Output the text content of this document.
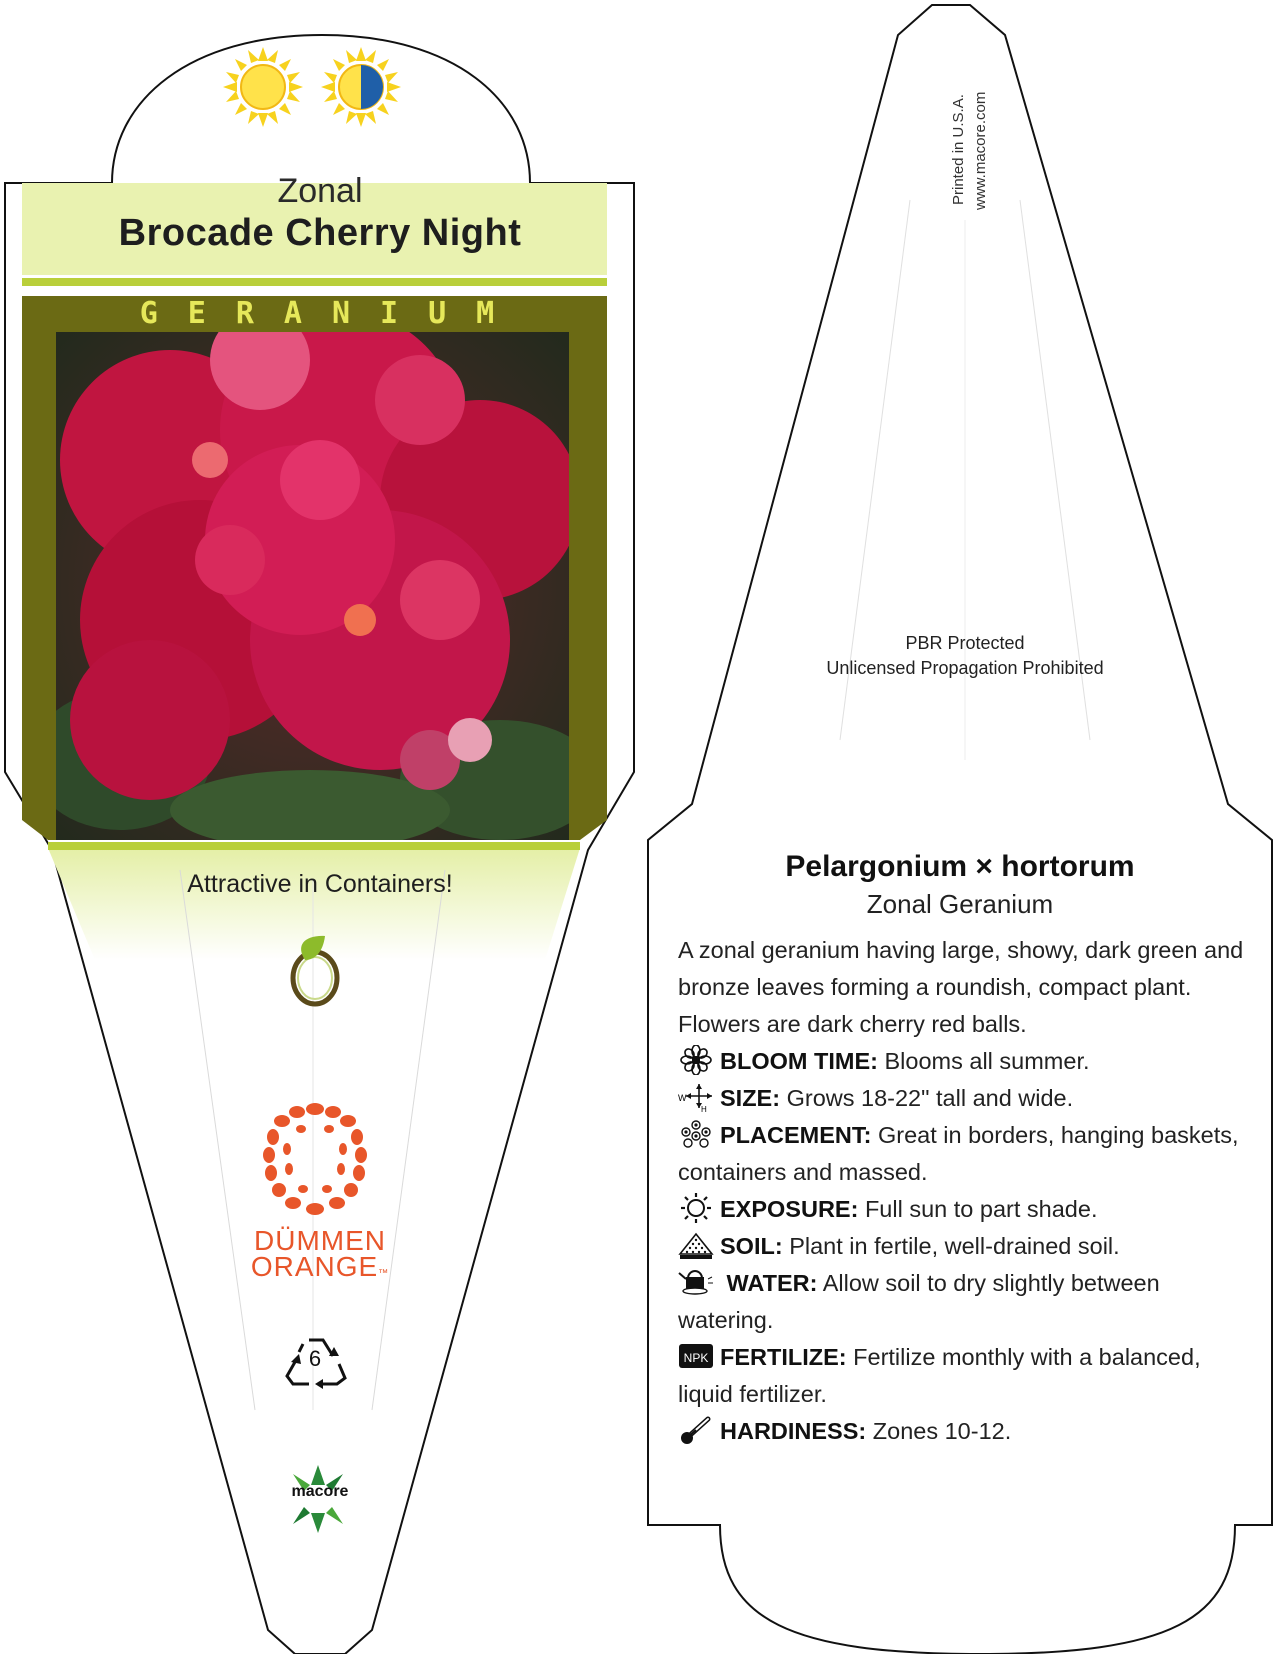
Zonal
Brocade Cherry Night
GERANIUM
Attractive in Containers!
DÜMMEN
ORANGE™
6
macore
Printed in U.S.A. www.macore.com
PBR Protected
Unlicensed Propagation Prohibited
Pelargonium × hortorum
Zonal Geranium
A zonal geranium having large, showy, dark green and bronze leaves forming a roundish, compact plant. Flowers are dark cherry red balls.
BLOOM TIME: Blooms all summer.
W
H SIZE: Grows 18-22" tall and wide.
PLACEMENT: Great in borders, hanging baskets, containers and massed.
EXPOSURE: Full sun to part shade.
SOIL: Plant in fertile, well-drained soil.
WATER: Allow soil to dry slightly between watering.
NPK FERTILIZE: Fertilize monthly with a balanced, liquid fertilizer.
HARDINESS: Zones 10-12.
